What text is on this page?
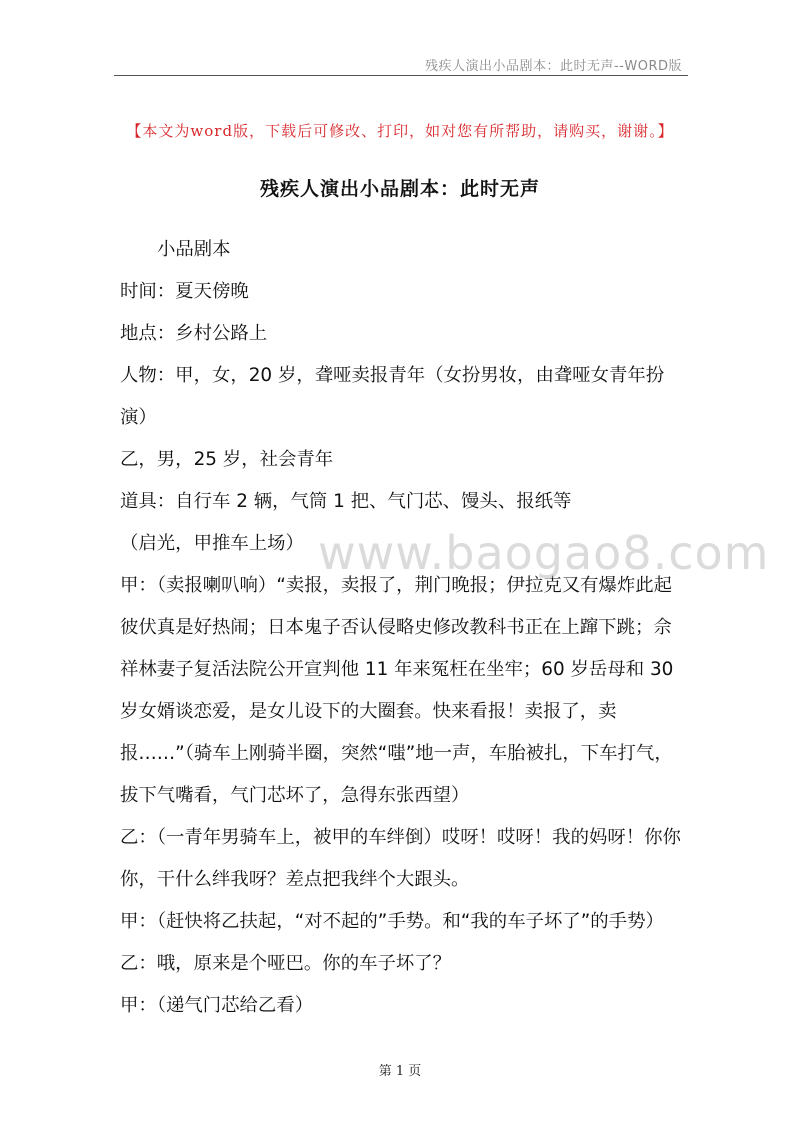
残疾人演出小品剧本：此时无声--WORD版
【本文为word版，下载后可修改、打印，如对您有所帮助，请购买，谢谢。】
残疾人演出小品剧本：此时无声

小品剧本

时间：夏天傍晚

地点：乡村公路上

人物：甲，女，20 岁，聋哑卖报青年（女扮男妆，由聋哑女青年扮演）

乙，男，25 岁，社会青年

道具：自行车 2 辆，气筒 1 把、气门芯、馒头、报纸等

（启光，甲推车上场）

甲：（卖报喇叭响）“卖报，卖报了，荆门晚报；伊拉克又有爆炸此起彼伏真是好热闹；日本鬼子否认侵略史修改教科书正在上蹿下跳；佘祥林妻子复活法院公开宣判他 11 年来冤枉在坐牢；60 岁岳母和 30 岁女婿谈恋爱，是女儿设下的大圈套。快来看报！卖报了，卖报……”（骑车上刚骑半圈，突然“嗤”地一声，车胎被扎，下车打气，拔下气嘴看，气门芯坏了，急得东张西望）

乙：（一青年男骑车上，被甲的车绊倒）哎呀！哎呀！我的妈呀！你你你，干什么绊我呀？差点把我绊个大跟头。

甲：（赶快将乙扶起，“对不起的”手势。和“我的车子坏了”的手势）

乙：哦，原来是个哑巴。你的车子坏了？

甲：（递气门芯给乙看）

www.baogao8.com
第 1 页
